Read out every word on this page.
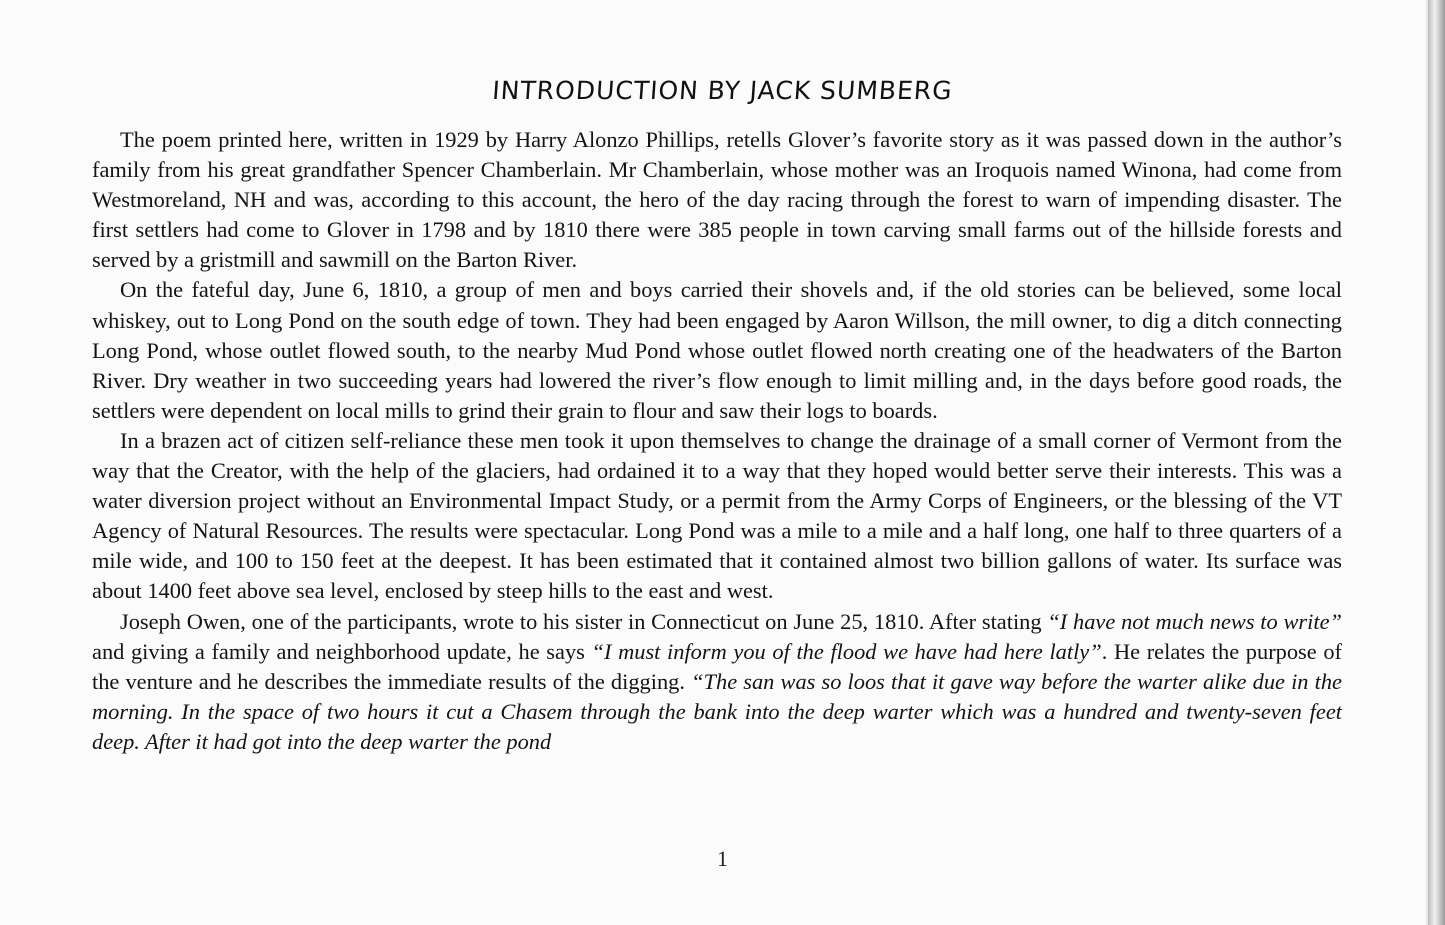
INTRODUCTION BY JACK SUMBERG

The poem printed here, written in 1929 by Harry Alonzo Phillips, retells Glover’s favorite story as it was passed down in the author’s family from his great grandfather Spencer Chamberlain. Mr Chamberlain, whose mother was an Iroquois named Winona, had come from Westmoreland, NH and was, according to this account, the hero of the day racing through the forest to warn of impending disaster. The first settlers had come to Glover in 1798 and by 1810 there were 385 people in town carving small farms out of the hillside forests and served by a gristmill and sawmill on the Barton River.

On the fateful day, June 6, 1810, a group of men and boys carried their shovels and, if the old stories can be believed, some local whiskey, out to Long Pond on the south edge of town. They had been engaged by Aaron Willson, the mill owner, to dig a ditch connecting Long Pond, whose outlet flowed south, to the nearby Mud Pond whose outlet flowed north creating one of the headwaters of the Barton River. Dry weather in two succeeding years had lowered the river’s flow enough to limit milling and, in the days before good roads, the settlers were dependent on local mills to grind their grain to flour and saw their logs to boards.

In a brazen act of citizen self-reliance these men took it upon themselves to change the drainage of a small corner of Vermont from the way that the Creator, with the help of the glaciers, had ordained it to a way that they hoped would better serve their interests. This was a water diversion project without an Environmental Impact Study, or a permit from the Army Corps of Engineers, or the blessing of the VT Agency of Natural Resources. The results were spectacular. Long Pond was a mile to a mile and a half long, one half to three quarters of a mile wide, and 100 to 150 feet at the deepest. It has been estimated that it contained almost two billion gallons of water. Its surface was about 1400 feet above sea level, enclosed by steep hills to the east and west.

Joseph Owen, one of the participants, wrote to his sister in Connecticut on June 25, 1810. After stating “I have not much news to write” and giving a family and neighborhood update, he says “I must inform you of the flood we have had here latly”. He relates the purpose of the venture and he describes the immediate results of the digging. “The san was so loos that it gave way before the warter alike due in the morning. In the space of two hours it cut a Chasem through the bank into the deep warter which was a hundred and twenty-seven feet deep. After it had got into the deep warter the pond

1
